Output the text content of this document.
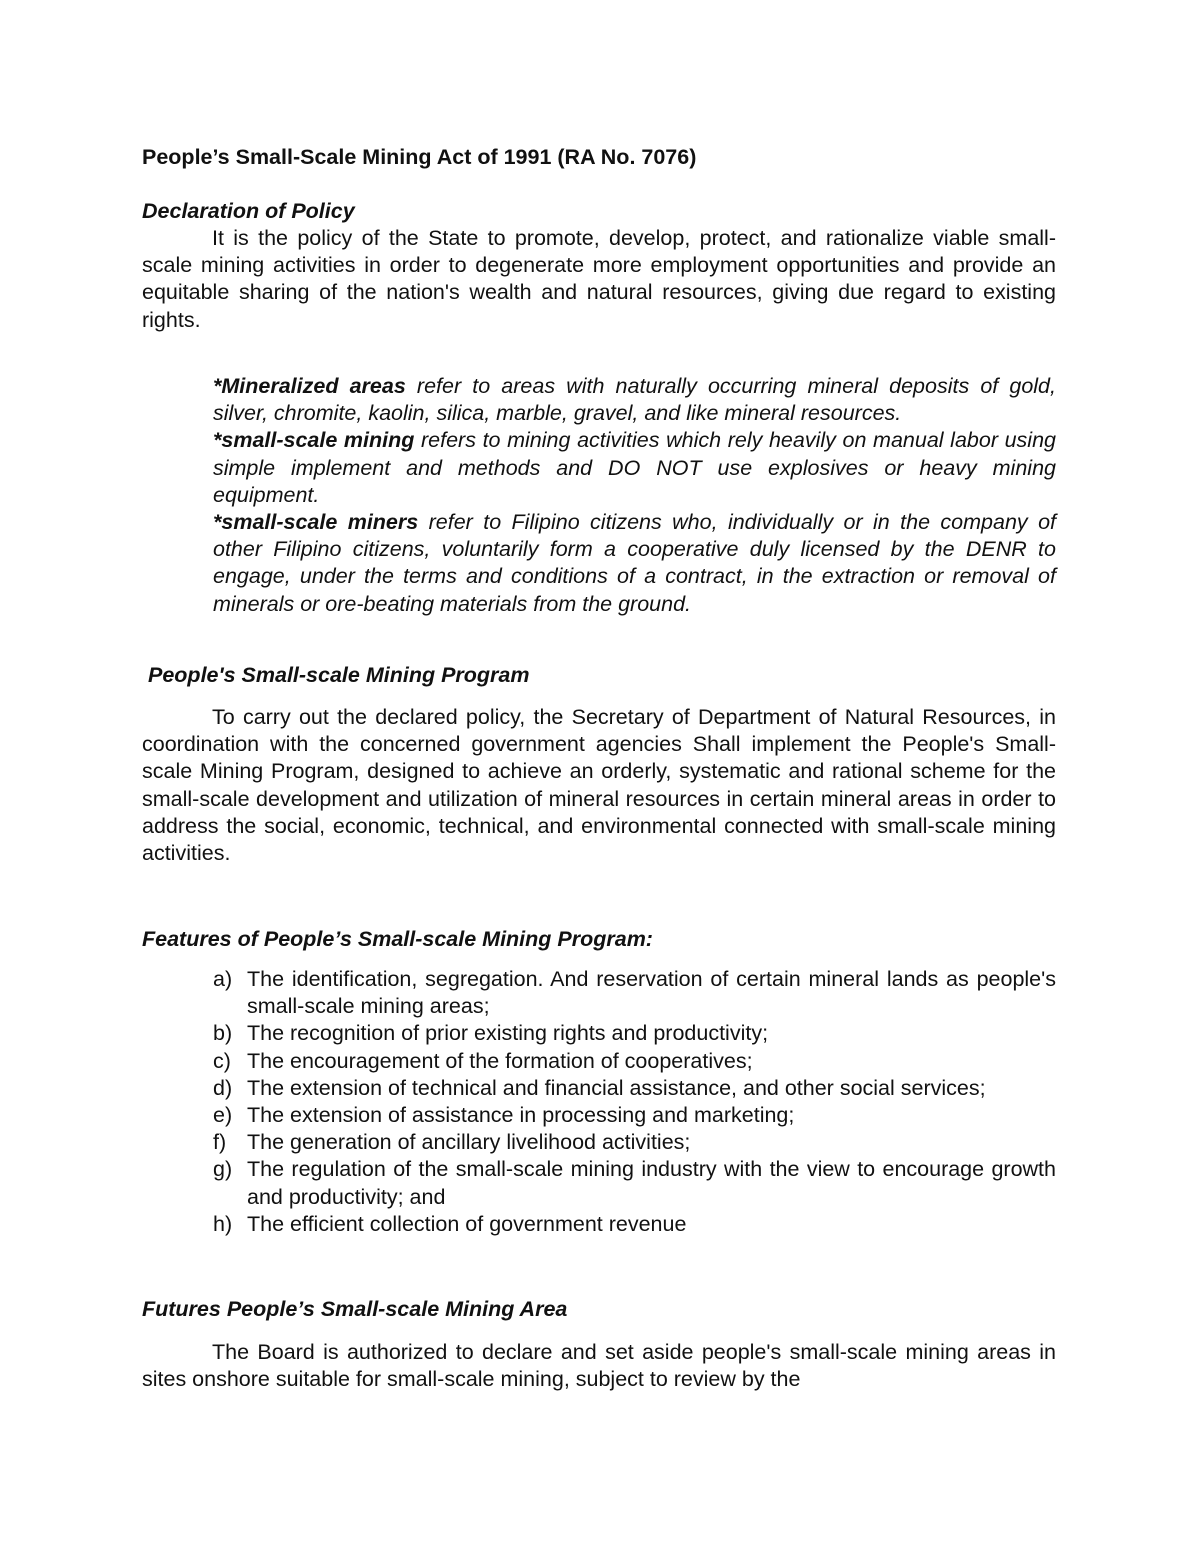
People’s Small-Scale Mining Act of 1991 (RA No. 7076)
Declaration of Policy

It is the policy of the State to promote, develop, protect, and rationalize viable small-scale mining activities in order to degenerate more employment opportunities and provide an equitable sharing of the nation's wealth and natural resources, giving due regard to existing rights.

*Mineralized areas refer to areas with naturally occurring mineral deposits of gold, silver, chromite, kaolin, silica, marble, gravel, and like mineral resources.

*small-scale mining refers to mining activities which rely heavily on manual labor using simple implement and methods and DO NOT use explosives or heavy mining equipment.

*small-scale miners refer to Filipino citizens who, individually or in the company of other Filipino citizens, voluntarily form a cooperative duly licensed by the DENR to engage, under the terms and conditions of a contract, in the extraction or removal of minerals or ore-beating materials from the ground.

People's Small-scale Mining Program

To carry out the declared policy, the Secretary of Department of Natural Resources, in coordination with the concerned government agencies Shall implement the People's Small-scale Mining Program, designed to achieve an orderly, systematic and rational scheme for the small-scale development and utilization of mineral resources in certain mineral areas in order to address the social, economic, technical, and environmental connected with small-scale mining activities.

Features of People’s Small-scale Mining Program:
a) The identification, segregation. And reservation of certain mineral lands as people's small-scale mining areas;
b) The recognition of prior existing rights and productivity;
c) The encouragement of the formation of cooperatives;
d) The extension of technical and financial assistance, and other social services;
e) The extension of assistance in processing and marketing;
f) The generation of ancillary livelihood activities;
g) The regulation of the small-scale mining industry with the view to encourage growth and productivity; and
h) The efficient collection of government revenue
Futures People’s Small-scale Mining Area

The Board is authorized to declare and set aside people's small-scale mining areas in sites onshore suitable for small-scale mining, subject to review by the
